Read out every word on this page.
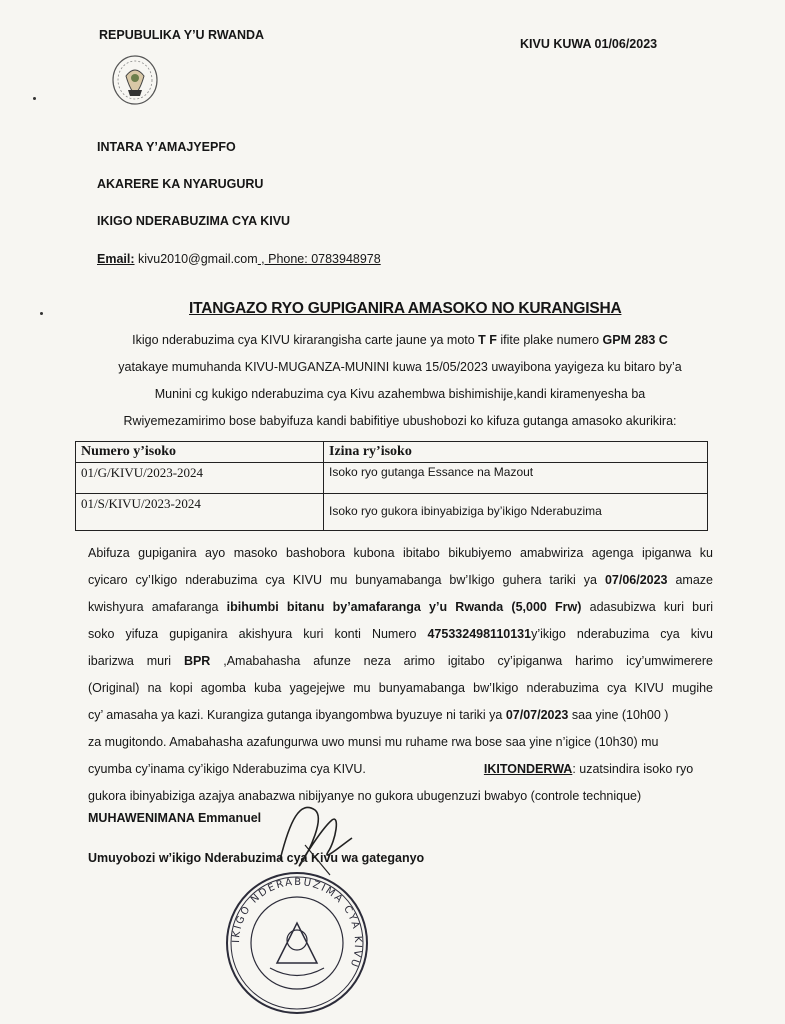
REPUBULIKA Y’U RWANDA
KIVU KUWA 01/06/2023
INTARA Y’AMAJYEPFO
AKARERE KA NYARUGURU
IKIGO NDERABUZIMA CYA KIVU
Email: kivu2010@gmail.com , Phone: 0783948978
ITANGAZO RYO GUPIGANIRA AMASOKO NO KURANGISHA
Ikigo nderabuzima cya KIVU kirarangisha carte jaune ya moto T F ifite plake numero GPM 283 C
yatakaye mumuhanda KIVU-MUGANZA-MUNINI kuwa 15/05/2023 uwayibona yayigeza ku bitaro by’a
Munini cg kukigo nderabuzima cya Kivu azahembwa bishimishije,kandi kiramenyesha ba
Rwiyemezamirimo bose babyifuza kandi babifitiye ubushobozi ko kifuza gutanga amasoko akurikira:
Numero y’isoko	Izina ry’isoko
01/G/KIVU/2023-2024	Isoko ryo gutanga Essance na Mazout
01/S/KIVU/2023-2024	Isoko ryo gukora ibinyabiziga by’ikigo Nderabuzima
Abifuza gupiganira ayo masoko bashobora kubona ibitabo bikubiyemo amabwiriza agenga ipiganwa ku
cyicaro cy’Ikigo nderabuzima cya KIVU mu bunyamabanga bw’Ikigo guhera tariki ya 07/06/2023 amaze
kwishyura amafaranga ibihumbi bitanu by’amafaranga y’u Rwanda (5,000 Frw) adasubizwa kuri buri
soko yifuza gupiganira akishyura kuri konti Numero 475332498110131y’ikigo nderabuzima cya kivu
ibarizwa muri BPR ,Amabahasha afunze neza arimo igitabo cy’ipiganwa harimo icy’umwimerere
(Original) na kopi agomba kuba yagejejwe mu bunyamabanga bw’Ikigo nderabuzima cya KIVU mugihe
cy’ amasaha ya kazi. Kurangiza gutanga ibyangombwa byuzuye ni tariki ya 07/07/2023 saa yine (10h00 )
za mugitondo. Amabahasha azafungurwa uwo munsi mu ruhame rwa bose saa yine n’igice (10h30) mu
cyumba cy’inama cy’ikigo Nderabuzima cya KIVU.	IKITONDERWA: uzatsindira isoko ryo
gukora ibinyabiziga azajya anabazwa nibijyanye no gukora ubugenzuzi bwabyo (controle technique)
MUHAWENIMANA Emmanuel
Umuyobozi w’ikigo Nderabuzima cya Kivu wa gateganyo
IKIGO NDERABUZIMA CYA KIVU
